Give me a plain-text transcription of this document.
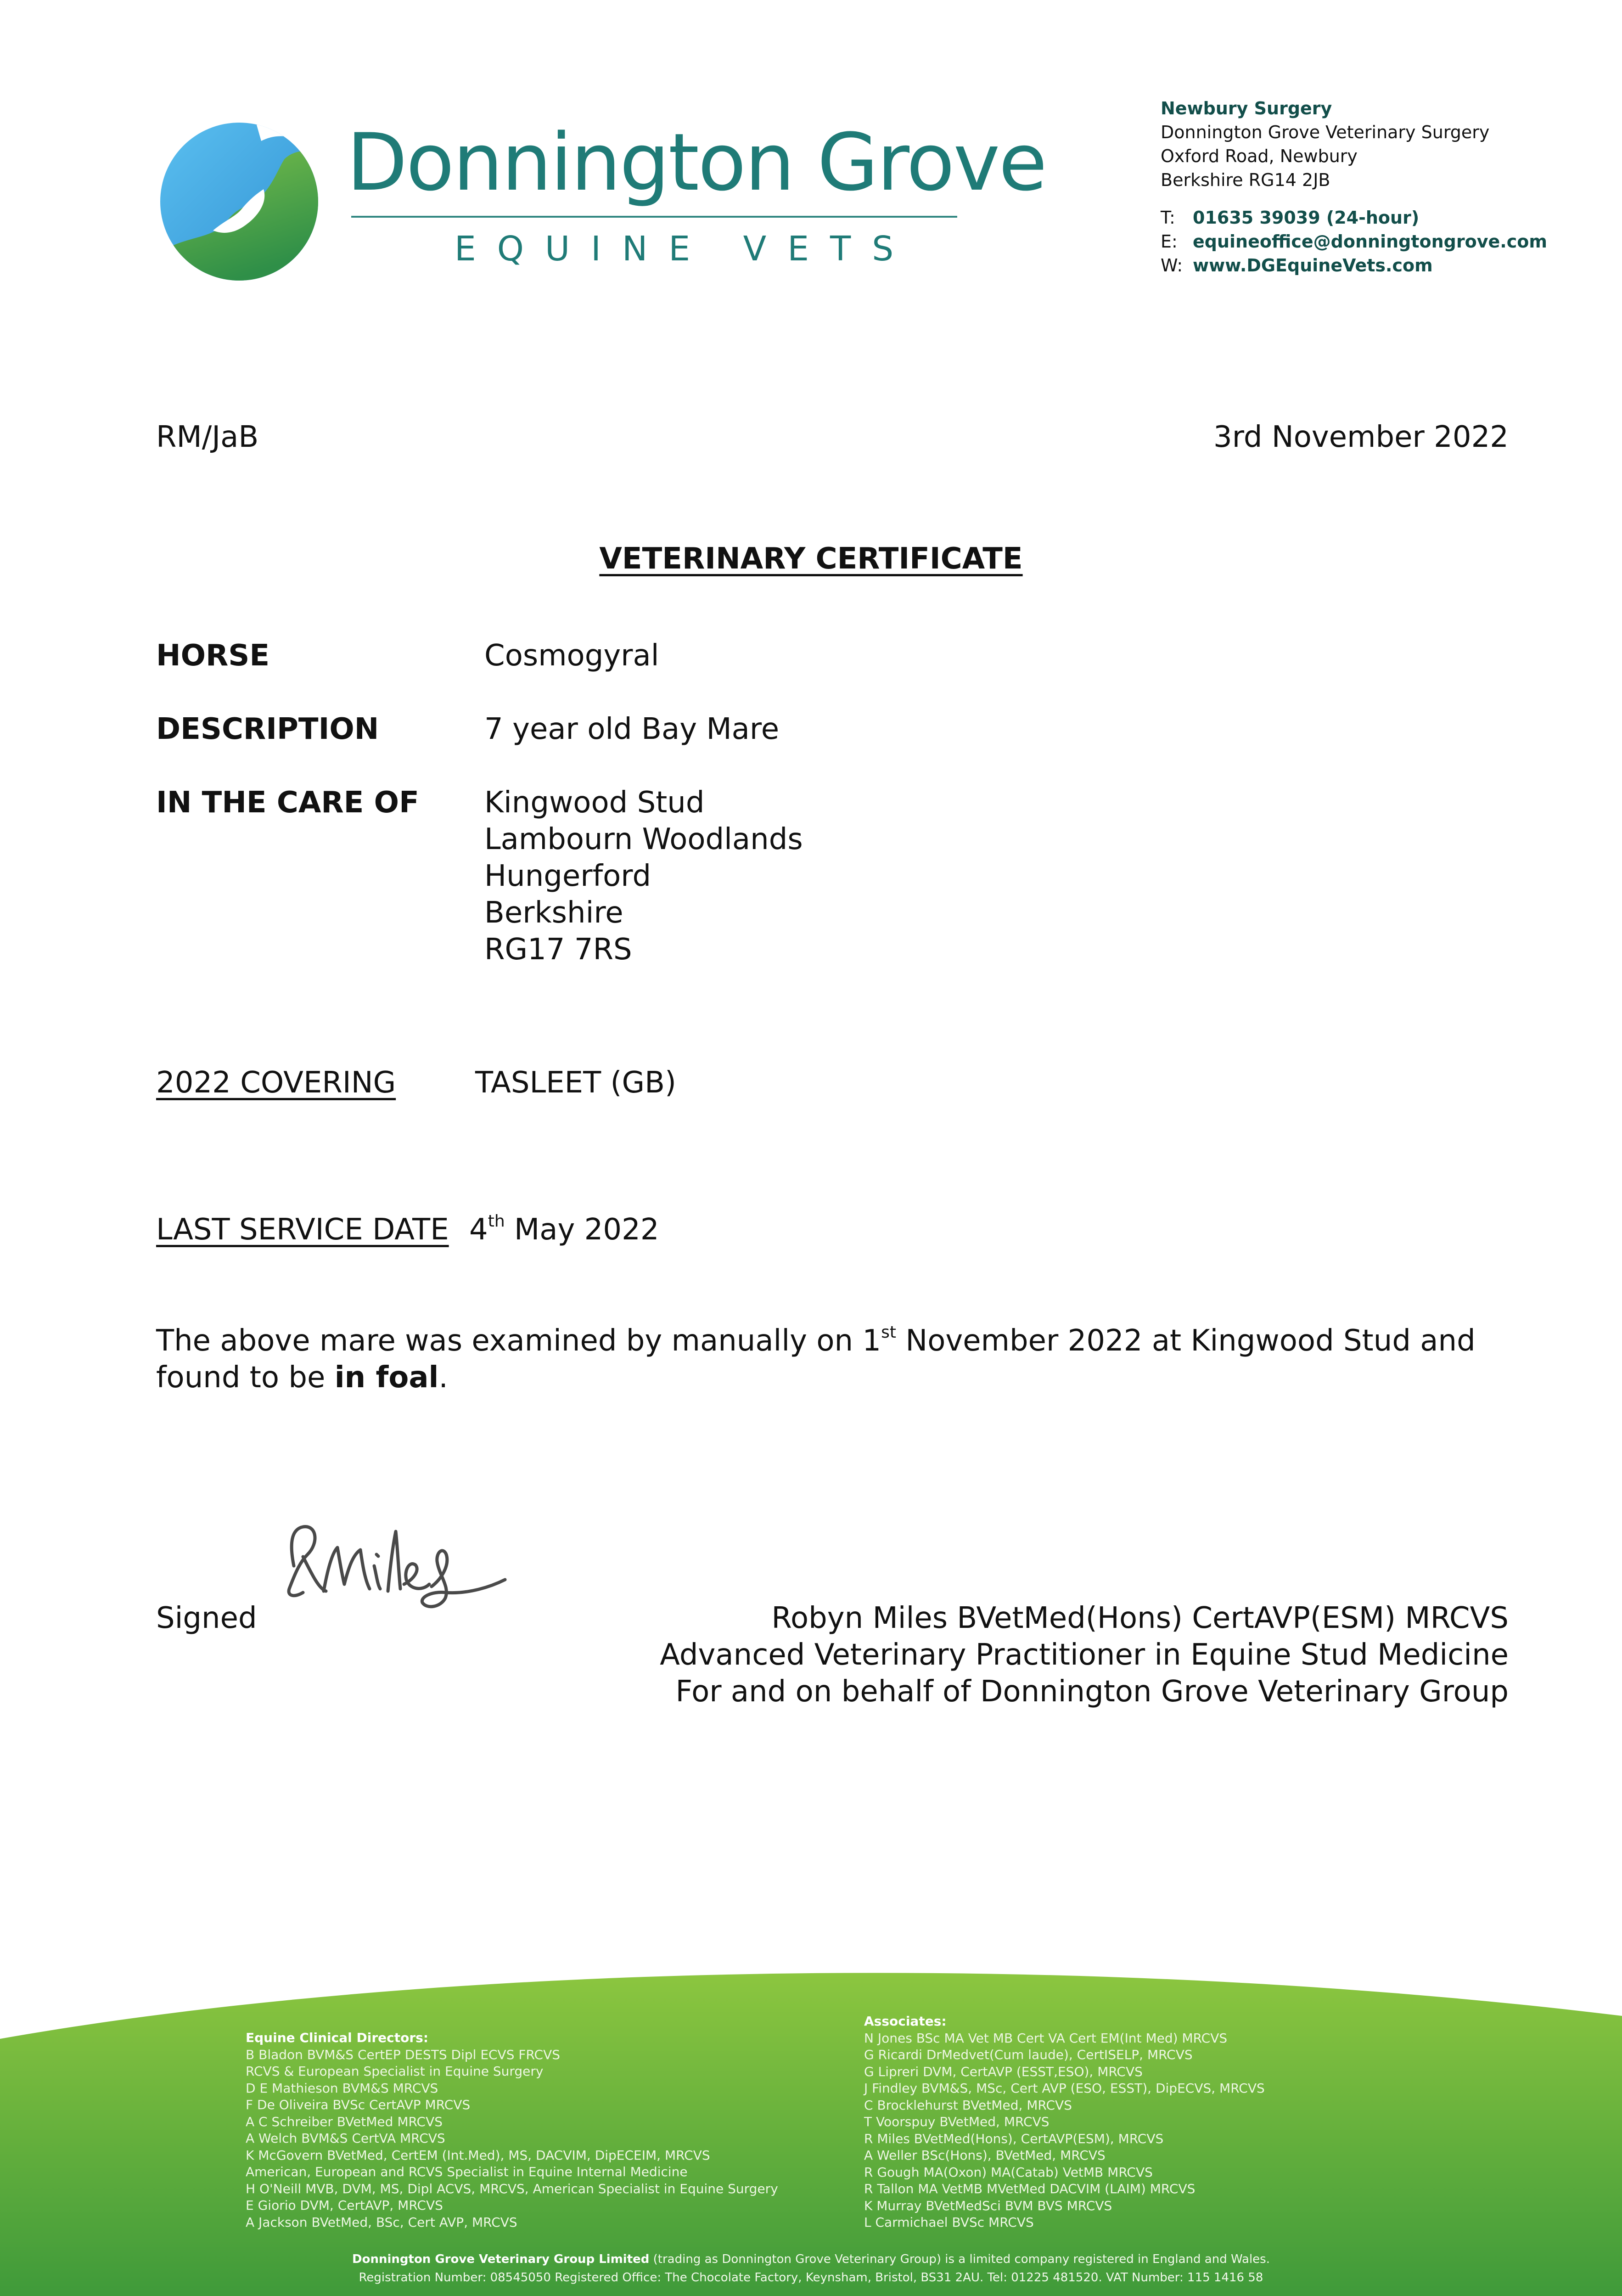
Donnington Grove
EQUINE VETS
Newbury Surgery
Donnington Grove Veterinary Surgery
Oxford Road, Newbury
Berkshire RG14 2JB
T:	01635 39039 (24-hour)
E: equineoffice@donningtongrove.com
W: www.DGEquineVets.com
RM/JaB	3rd November 2022
VETERINARY CERTIFICATE
HORSE	Cosmogyral
DESCRIPTION	7 year old Bay Mare
IN THE CARE OF Kingwood Stud
Lambourn Woodlands
Hungerford
Berkshire
RG17 7RS
2022 COVERING	TASLEET (GB)
LAST SERVICE DATE 4th May 2022
The above mare was examined by manually on 1st November 2022 at Kingwood Stud and
found to be in foal.
Signed	Robyn Miles BVetMed(Hons) CertAVP(ESM) MRCVS
Advanced Veterinary Practitioner in Equine Stud Medicine
For and on behalf of Donnington Grove Veterinary Group
Equine Clinical Directors:
B Bladon BVM&S CertEP DESTS Dipl ECVS FRCVS
RCVS & European Specialist in Equine Surgery
D E Mathieson BVM&S MRCVS
F De Oliveira BVSc CertAVP MRCVS
A C Schreiber BVetMed MRCVS
A Welch BVM&S CertVA MRCVS
K McGovern BVetMed, CertEM (Int.Med), MS, DACVIM, DipECEIM, MRCVS
American, European and RCVS Specialist in Equine Internal Medicine
H O'Neill MVB, DVM, MS, Dipl ACVS, MRCVS, American Specialist in Equine Surgery
E Giorio DVM, CertAVP, MRCVS
A Jackson BVetMed, BSc, Cert AVP, MRCVS
Associates:
N Jones BSc MA Vet MB Cert VA Cert EM(Int Med) MRCVS
G Ricardi DrMedvet(Cum laude), CertISELP, MRCVS
G Lipreri DVM, CertAVP (ESST,ESO), MRCVS
J Findley BVM&S, MSc, Cert AVP (ESO, ESST), DipECVS, MRCVS
C Brocklehurst BVetMed, MRCVS
T Voorspuy BVetMed, MRCVS
R Miles BVetMed(Hons), CertAVP(ESM), MRCVS
A Weller BSc(Hons), BVetMed, MRCVS
R Gough MA(Oxon) MA(Catab) VetMB MRCVS
R Tallon MA VetMB MVetMed DACVIM (LAIM) MRCVS
K Murray BVetMedSci BVM BVS MRCVS
L Carmichael BVSc MRCVS
Donnington Grove Veterinary Group Limited (trading as Donnington Grove Veterinary Group) is a limited company registered in England and Wales.
Registration Number: 08545050 Registered Office: The Chocolate Factory, Keynsham, Bristol, BS31 2AU. Tel: 01225 481520. VAT Number: 115 1416 58
